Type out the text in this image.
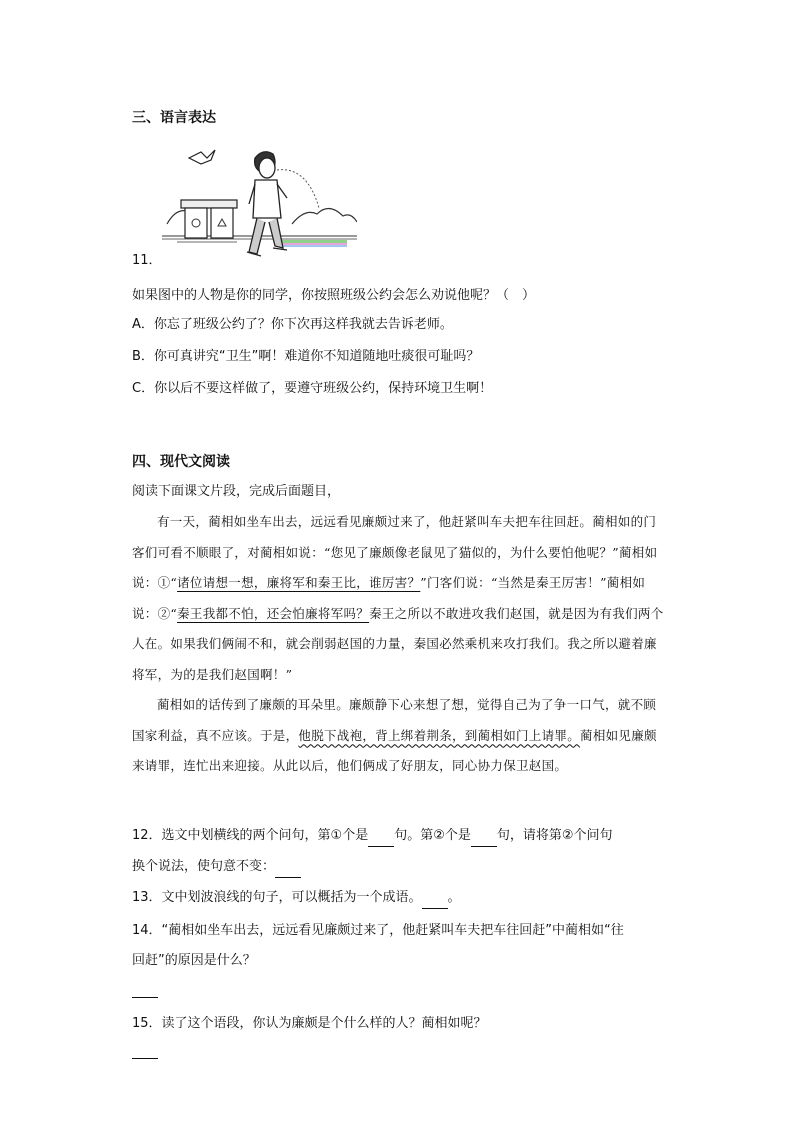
三、语言表达
11．
如果图中的人物是你的同学，你按照班级公约会怎么劝说他呢？（　）
A．你忘了班级公约了？你下次再这样我就去告诉老师。
B．你可真讲究“卫生”啊！难道你不知道随地吐痰很可耻吗？
C．你以后不要这样做了，要遵守班级公约，保持环境卫生啊！
四、现代文阅读
阅读下面课文片段，完成后面题目，

有一天，蔺相如坐车出去，远远看见廉颇过来了，他赶紧叫车夫把车往回赶。蔺相如的门客们可看不顺眼了，对蔺相如说：“您见了廉颇像老鼠见了猫似的，为什么要怕他呢？”蔺相如说：①“诸位请想一想，廉将军和秦王比，谁厉害？”门客们说：“当然是秦王厉害！”蔺相如说：②“秦王我都不怕，还会怕廉将军吗？秦王之所以不敢进攻我们赵国，就是因为有我们两个人在。如果我们俩闹不和，就会削弱赵国的力量，秦国必然乘机来攻打我们。我之所以避着廉将军，为的是我们赵国啊！”

蔺相如的话传到了廉颇的耳朵里。廉颇静下心来想了想，觉得自己为了争一口气，就不顾国家利益，真不应该。于是，他脱下战袍，背上绑着荆条，到蔺相如门上请罪。蔺相如见廉颇来请罪，连忙出来迎接。从此以后，他们俩成了好朋友，同心协力保卫赵国。

12．选文中划横线的两个问句，第①个是 句。第②个是 句，请将第②个问句
换个说法，使句意不变：
13．文中划波浪线的句子，可以概括为一个成语。 。
14．“蔺相如坐车出去，远远看见廉颇过来了，他赶紧叫车夫把车往回赶”中蔺相如“往
回赶”的原因是什么？
15．读了这个语段，你认为廉颇是个什么样的人？蔺相如呢？
